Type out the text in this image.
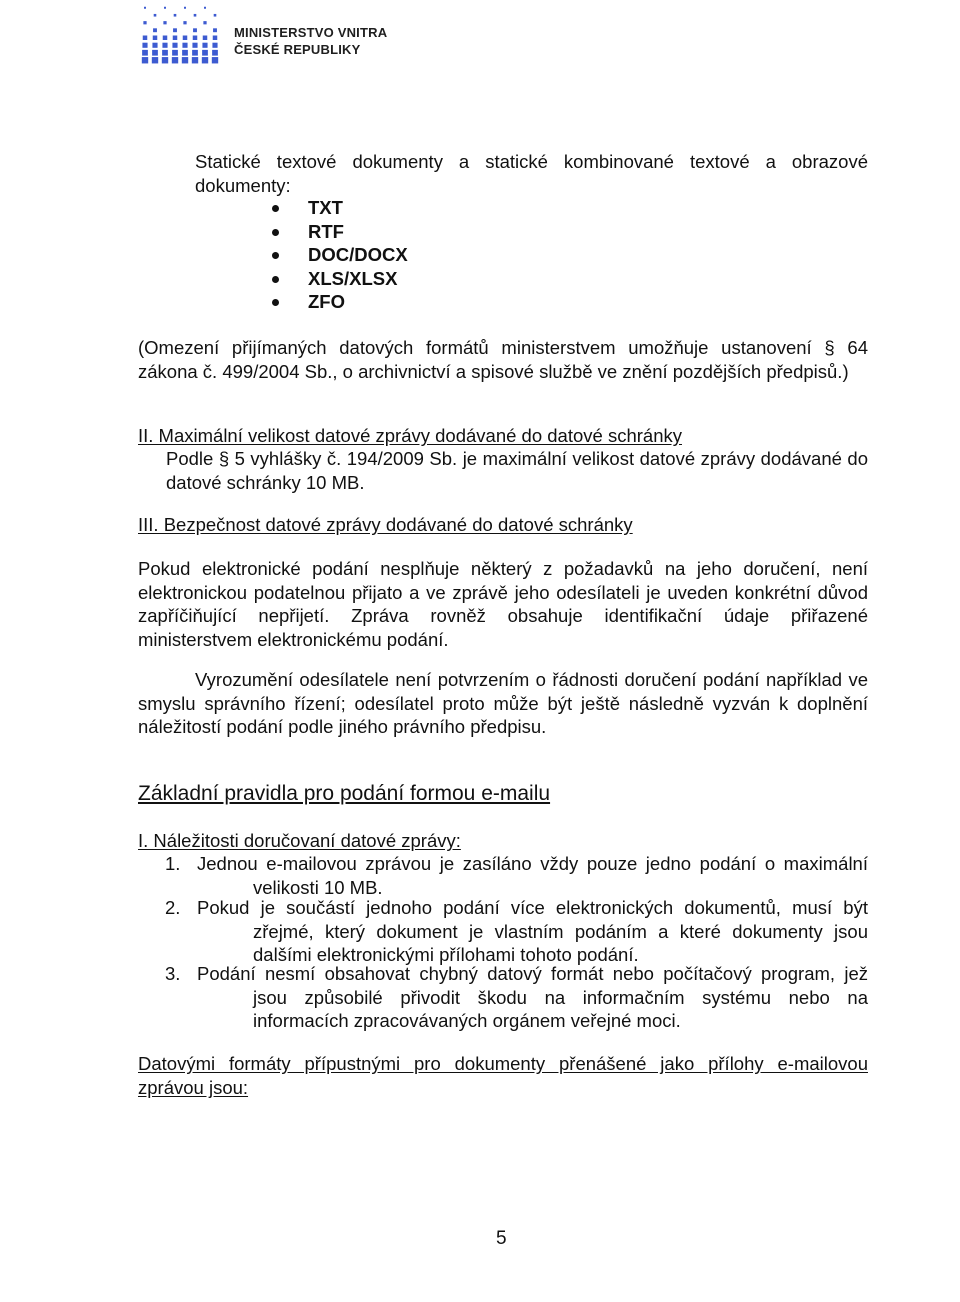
MINISTERSTVO VNITRA
ČESKÉ REPUBLIKY
Statické textové dokumenty a statické kombinované textové a obrazové dokumenty:
TXT
RTF
DOC/DOCX
XLS/XLSX
ZFO
(Omezení přijímaných datových formátů ministerstvem umožňuje ustanovení § 64 zákona č. 499/2004 Sb., o archivnictví a spisové službě ve znění pozdějších předpisů.)
II. Maximální velikost datové zprávy dodávané do datové schránky
Podle § 5 vyhlášky č. 194/2009 Sb. je maximální velikost datové zprávy dodávané do datové schránky 10 MB.
III. Bezpečnost datové zprávy dodávané do datové schránky
Pokud elektronické podání nesplňuje některý z požadavků na jeho doručení, není elektronickou podatelnou přijato a ve zprávě jeho odesílateli je uveden konkrétní důvod zapříčiňující nepřijetí. Zpráva rovněž obsahuje identifikační údaje přiřazené ministerstvem elektronickému podání.
Vyrozumění odesílatele není potvrzením o řádnosti doručení podání například ve smyslu správního řízení; odesílatel proto může být ještě následně vyzván k doplnění náležitostí podání podle jiného právního předpisu.
Základní pravidla pro podání formou e-mailu
I. Náležitosti doručovaní datové zprávy:
1. Jednou e-mailovou zprávou je zasíláno vždy pouze jedno podání o maximální
velikosti 10 MB.
2. Pokud je součástí jednoho podání více elektronických dokumentů, musí být
zřejmé, který dokument je vlastním podáním a které dokumenty jsou dalšími elektronickými přílohami tohoto podání.
3. Podání nesmí obsahovat chybný datový formát nebo počítačový program, jež
jsou způsobilé přivodit škodu na informačním systému nebo na informacích zpracovávaných orgánem veřejné moci.
Datovými formáty přípustnými pro dokumenty přenášené jako přílohy e-mailovou zprávou jsou:
5
